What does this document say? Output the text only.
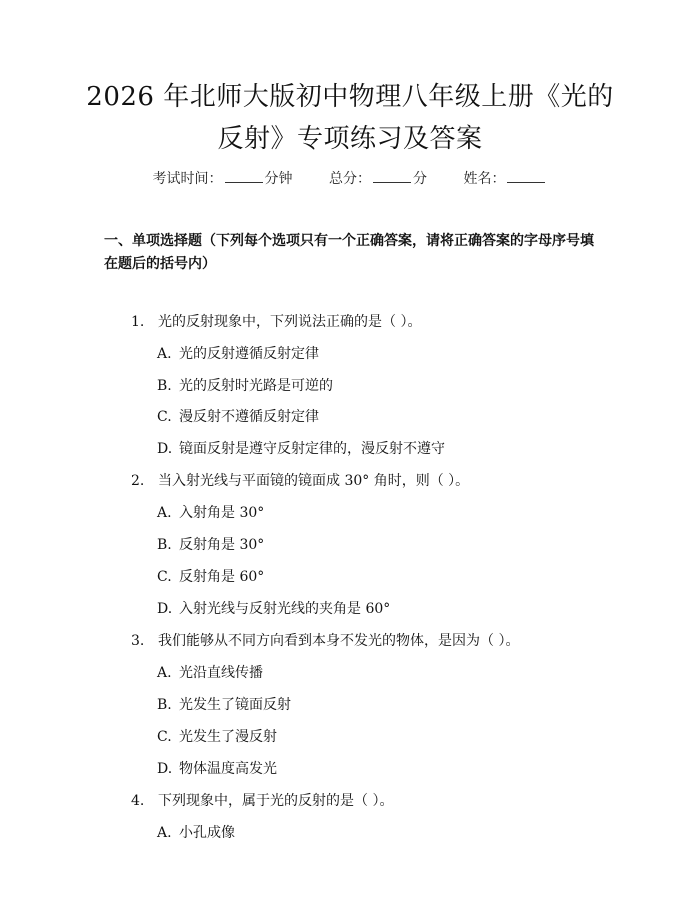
2026 年北师大版初中物理八年级上册《光的
反射》专项练习及答案
考试时间：	分钟	总分：	分	姓名：
一、单项选择题（下列每个选项只有一个正确答案，请将正确答案的字母序号填在题后的括号内）
1. 光的反射现象中，下列说法正确的是（ ）。
A. 光的反射遵循反射定律
B. 光的反射时光路是可逆的
C. 漫反射不遵循反射定律
D. 镜面反射是遵守反射定律的，漫反射不遵守
2. 当入射光线与平面镜的镜面成 30° 角时，则（ ）。
A. 入射角是 30°
B. 反射角是 30°
C. 反射角是 60°
D. 入射光线与反射光线的夹角是 60°
3. 我们能够从不同方向看到本身不发光的物体，是因为（ ）。
A. 光沿直线传播
B. 光发生了镜面反射
C. 光发生了漫反射
D. 物体温度高发光
4. 下列现象中，属于光的反射的是（ ）。
A. 小孔成像
